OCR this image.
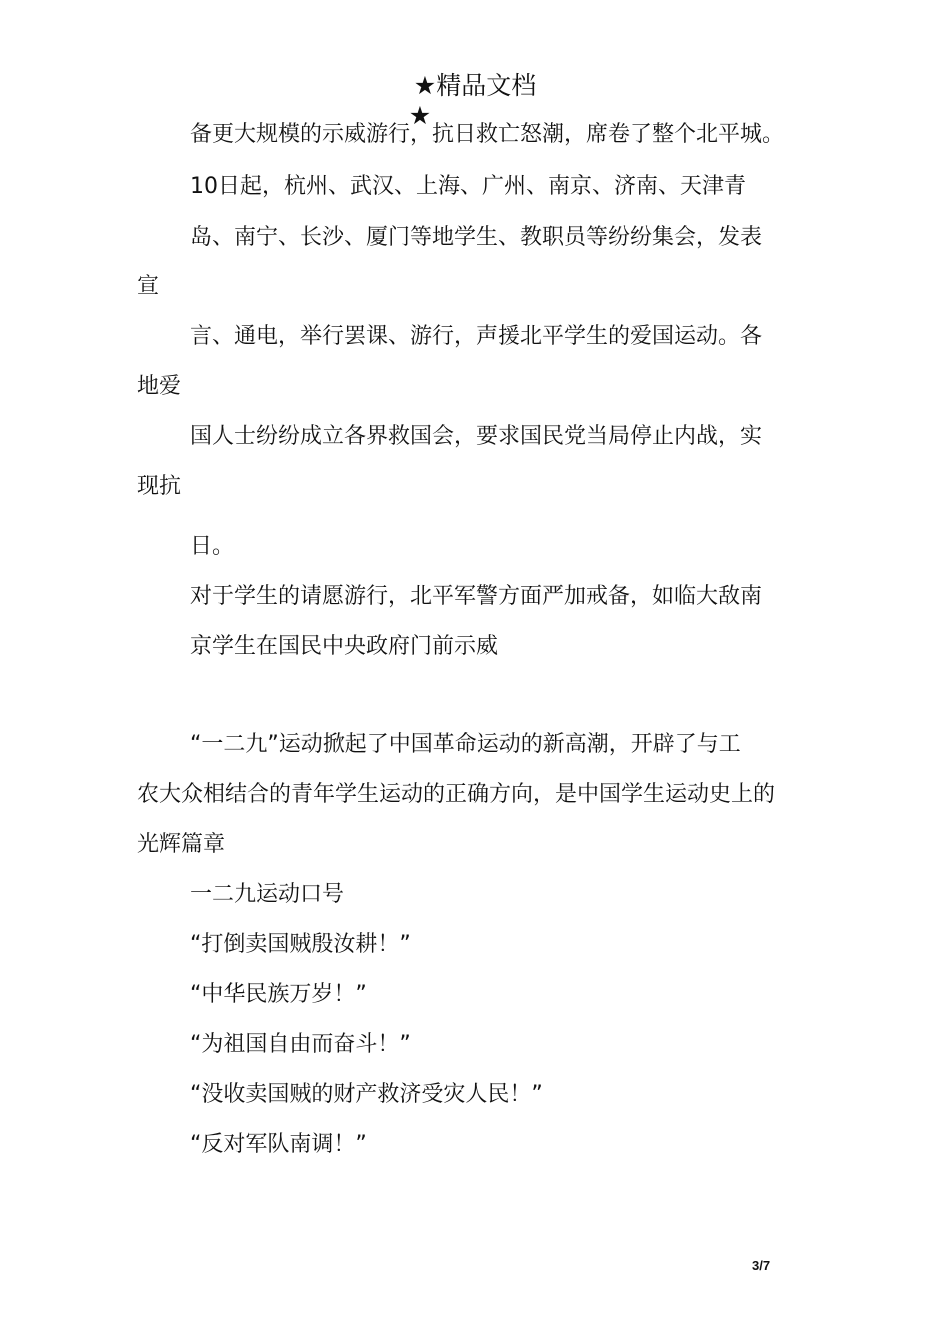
★精品文档
★
备更大规模的示威游行，抗日救亡怒潮，席卷了整个北平城。
10日起，杭州、武汉、上海、广州、南京、济南、天津青
岛、南宁、长沙、厦门等地学生、教职员等纷纷集会，发表
宣
言、通电，举行罢课、游行，声援北平学生的爱国运动。各
地爱
国人士纷纷成立各界救国会，要求国民党当局停止内战，实
现抗
日。
对于学生的请愿游行，北平军警方面严加戒备，如临大敌南
京学生在国民中央政府门前示威
“一二九”运动掀起了中国革命运动的新高潮，开辟了与工
农大众相结合的青年学生运动的正确方向，是中国学生运动史上的
光辉篇章
一二九运动口号
“打倒卖国贼殷汝耕！”
“中华民族万岁！”
“为祖国自由而奋斗！”
“没收卖国贼的财产救济受灾人民！”
“反对军队南调！”
3/7
